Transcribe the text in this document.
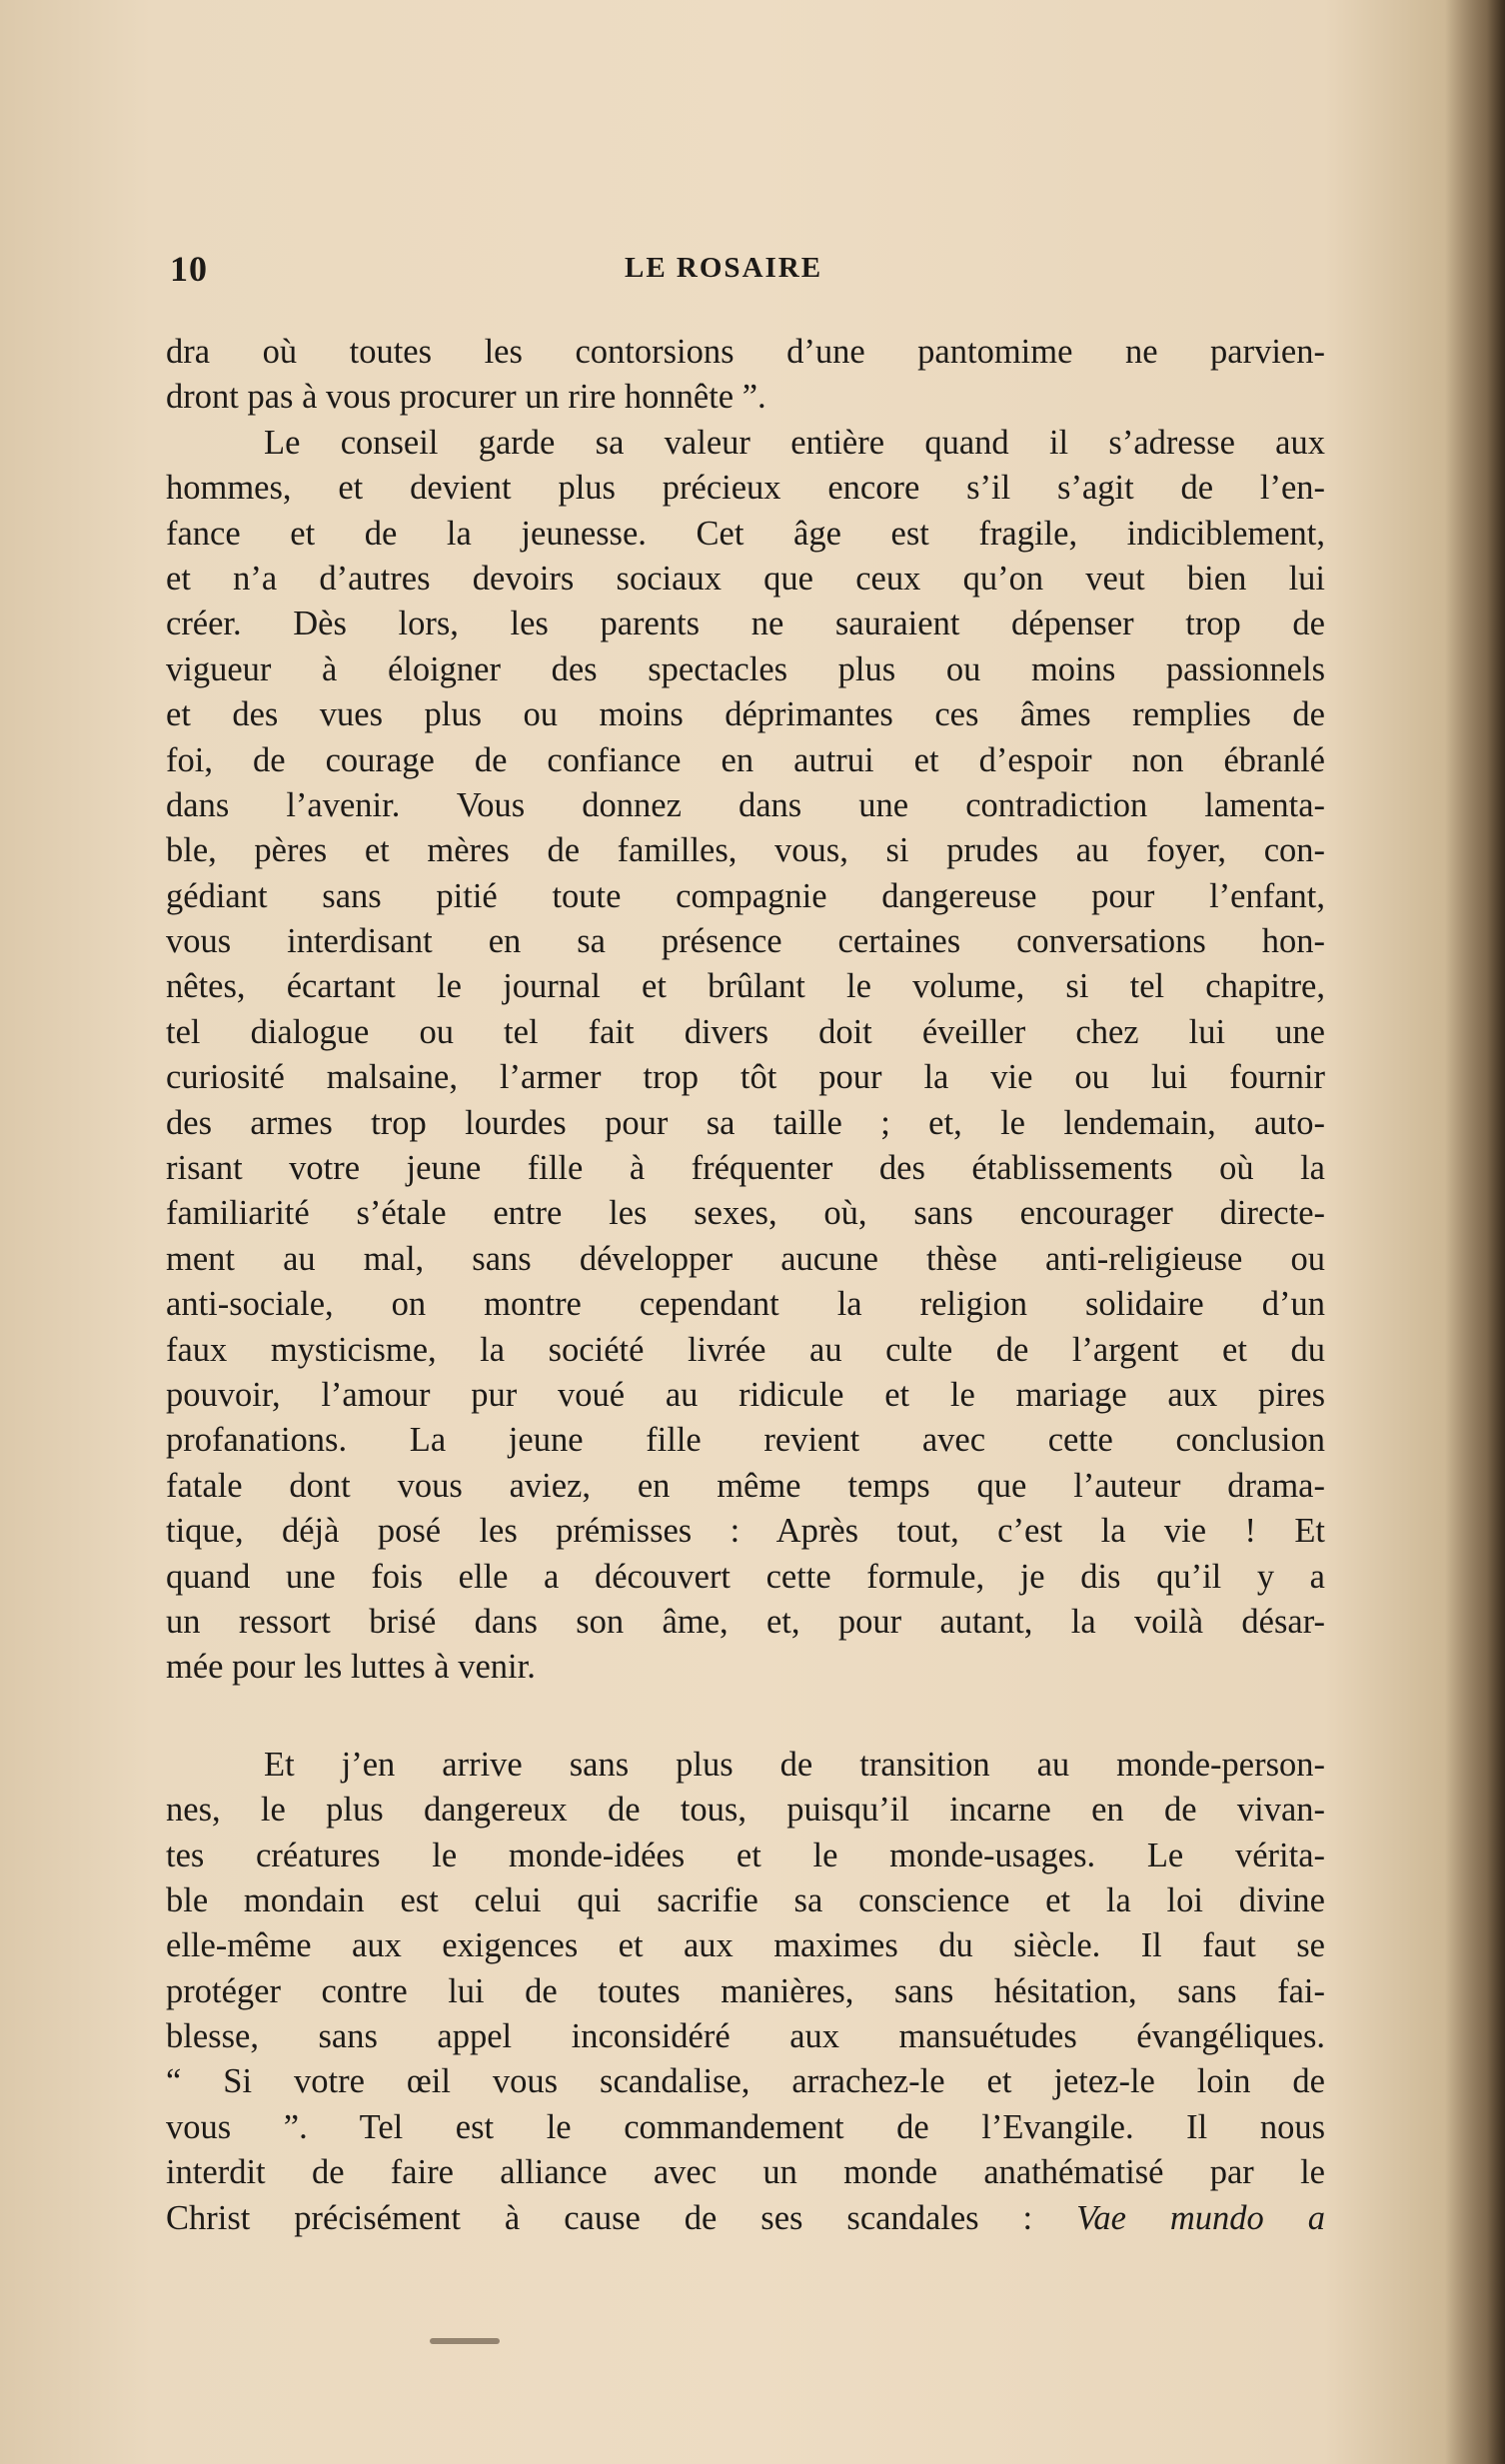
10	LE ROSAIRE
dra où toutes les contorsions d’une pantomime ne parvien-
dront pas à vous procurer un rire honnête ”.
Le conseil garde sa valeur entière quand il s’adresse aux
hommes, et devient plus précieux encore s’il s’agit de l’en-
fance et de la jeunesse. Cet âge est fragile, indiciblement,
et n’a d’autres devoirs sociaux que ceux qu’on veut bien lui
créer. Dès lors, les parents ne sauraient dépenser trop de
vigueur à éloigner des spectacles plus ou moins passionnels
et des vues plus ou moins déprimantes ces âmes remplies de
foi, de courage de confiance en autrui et d’espoir non ébranlé
dans l’avenir. Vous donnez dans une contradiction lamenta-
ble, pères et mères de familles, vous, si prudes au foyer, con-
gédiant sans pitié toute compagnie dangereuse pour l’enfant,
vous interdisant en sa présence certaines conversations hon-
nêtes, écartant le journal et brûlant le volume, si tel chapitre,
tel dialogue ou tel fait divers doit éveiller chez lui une
curiosité malsaine, l’armer trop tôt pour la vie ou lui fournir
des armes trop lourdes pour sa taille ; et, le lendemain, auto-
risant votre jeune fille à fréquenter des établissements où la
familiarité s’étale entre les sexes, où, sans encourager directe-
ment au mal, sans développer aucune thèse anti-religieuse ou
anti-sociale, on montre cependant la religion solidaire d’un
faux mysticisme, la société livrée au culte de l’argent et du
pouvoir, l’amour pur voué au ridicule et le mariage aux pires
profanations. La jeune fille revient avec cette conclusion
fatale dont vous aviez, en même temps que l’auteur drama-
tique, déjà posé les prémisses : Après tout, c’est la vie ! Et
quand une fois elle a découvert cette formule, je dis qu’il y a
un ressort brisé dans son âme, et, pour autant, la voilà désar-
mée pour les luttes à venir.
Et j’en arrive sans plus de transition au monde-person-
nes, le plus dangereux de tous, puisqu’il incarne en de vivan-
tes créatures le monde-idées et le monde-usages. Le vérita-
ble mondain est celui qui sacrifie sa conscience et la loi divine
elle-même aux exigences et aux maximes du siècle. Il faut se
protéger contre lui de toutes manières, sans hésitation, sans fai-
blesse, sans appel inconsidéré aux mansuétudes évangéliques.
“ Si votre œil vous scandalise, arrachez-le et jetez-le loin de
vous ”. Tel est le commandement de l’Evangile. Il nous
interdit de faire alliance avec un monde anathématisé par le
Christ précisément à cause de ses scandales : Vae mundo a
